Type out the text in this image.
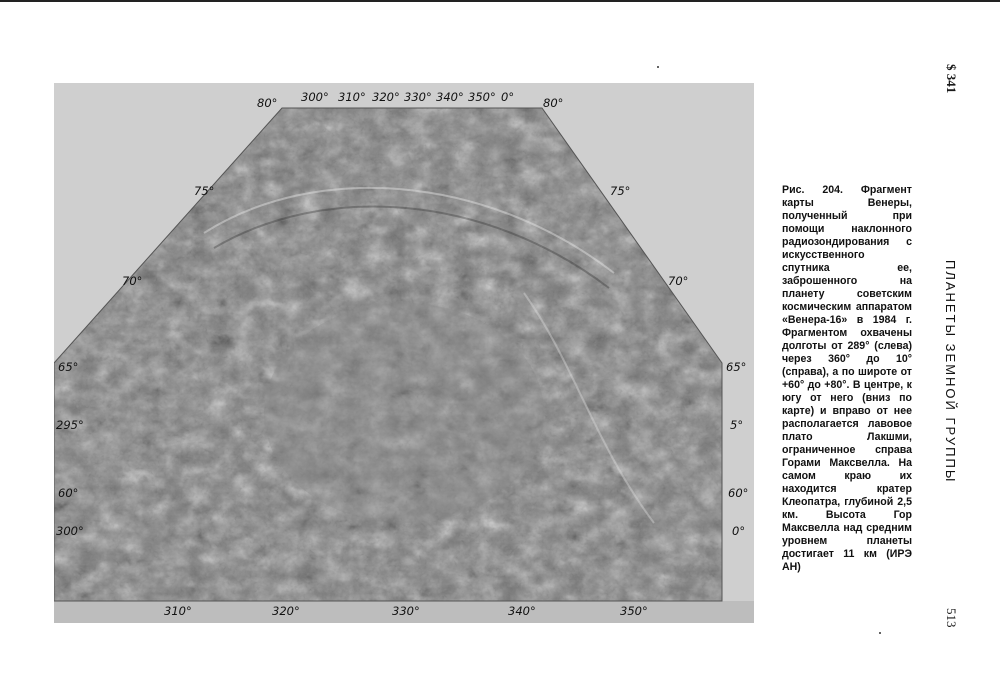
$ 341
ПЛАНЕТЫ ЗЕМНОЙ ГРУППЫ
513
80° 300° 310° 320° 330° 340° 350° 0°	80°
75°
70°
65°
295°
60°
300°
75°
70°
65°
5°
60°
0°
310°	320°	330°	340°	350°
Рис. 204. Фрагмент карты Венеры, полученный при помощи наклонного радиозондирования с искусственного спутника ее, заброшенного на планету советским космическим аппаратом «Венера-16» в 1984 г. Фрагментом охвачены долготы от 289° (слева) через 360° до 10° (справа), а по широте от +60° до +80°. В центре, к югу от него (вниз по карте) и вправо от нее располагается лавовое плато Лакшми, ограниченное справа Горами Максвелла. На самом краю их находится кратер Клеопатра, глубиной 2,5 км. Высота Гор Максвелла над средним уровнем планеты достигает 11 км (ИРЭ АН)
